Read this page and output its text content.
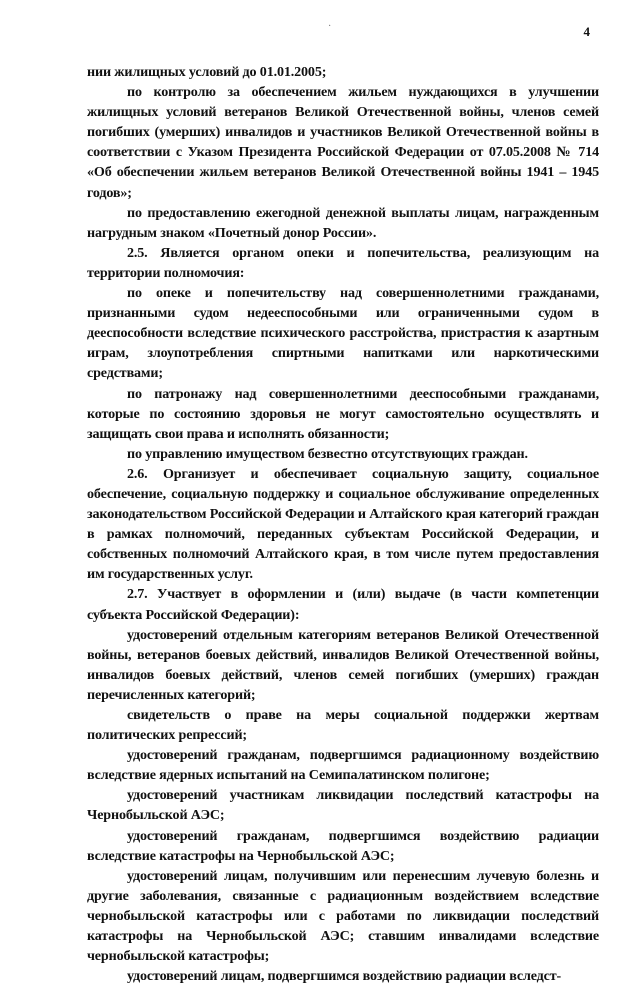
4
·

нии жилищных условий до 01.01.2005;

по контролю за обеспечением жильем нуждающихся в улучшении жилищных условий ветеранов Великой Отечественной войны, членов семей погибших (умерших) инвалидов и участников Великой Отечественной войны в соответствии с Указом Президента Российской Федерации от 07.05.2008 № 714 «Об обеспечении жильем ветеранов Великой Отечественной войны 1941 – 1945 годов»;

по предоставлению ежегодной денежной выплаты лицам, награжденным нагрудным знаком «Почетный донор России».

2.5. Является органом опеки и попечительства, реализующим на территории полномочия:

по опеке и попечительству над совершеннолетними гражданами, признанными судом недееспособными или ограниченными судом в дееспособности вследствие психического расстройства, пристрастия к азартным играм, злоупотребления спиртными напитками или наркотическими средствами;

по патронажу над совершеннолетними дееспособными гражданами, которые по состоянию здоровья не могут самостоятельно осуществлять и защищать свои права и исполнять обязанности;

по управлению имуществом безвестно отсутствующих граждан.

2.6. Организует и обеспечивает социальную защиту, социальное обеспечение, социальную поддержку и социальное обслуживание определенных законодательством Российской Федерации и Алтайского края категорий граждан в рамках полномочий, переданных субъектам Российской Федерации, и собственных полномочий Алтайского края, в том числе путем предоставления им государственных услуг.

2.7. Участвует в оформлении и (или) выдаче (в части компетенции субъекта Российской Федерации):

удостоверений отдельным категориям ветеранов Великой Отечественной войны, ветеранов боевых действий, инвалидов Великой Отечественной войны, инвалидов боевых действий, членов семей погибших (умерших) граждан перечисленных категорий;

свидетельств о праве на меры социальной поддержки жертвам политических репрессий;

удостоверений гражданам, подвергшимся радиационному воздействию вследствие ядерных испытаний на Семипалатинском полигоне;

удостоверений участникам ликвидации последствий катастрофы на Чернобыльской АЭС;

удостоверений гражданам, подвергшимся воздействию радиации вследствие катастрофы на Чернобыльской АЭС;

удостоверений лицам, получившим или перенесшим лучевую болезнь и другие заболевания, связанные с радиационным воздействием вследствие чернобыльской катастрофы или с работами по ликвидации последствий катастрофы на Чернобыльской АЭС; ставшим инвалидами вследствие чернобыльской катастрофы;

удостоверений лицам, подвергшимся воздействию радиации вследст-
